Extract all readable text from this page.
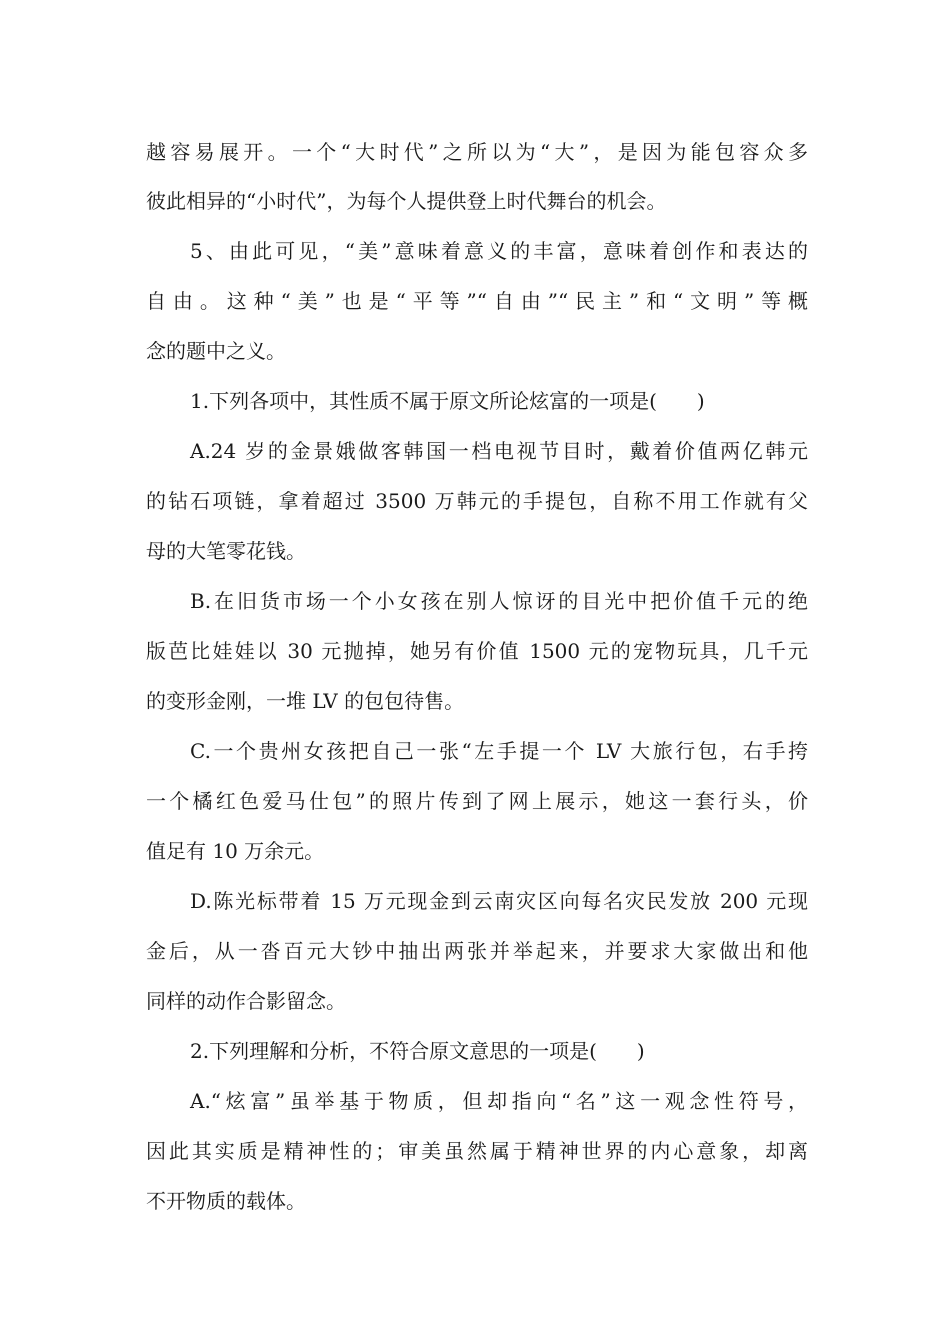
越容易展开。一个“大时代”之所以为“大”，是因为能包容众多
彼此相异的“小时代”，为每个人提供登上时代舞台的机会。
5、由此可见，“美”意味着意义的丰富，意味着创作和表达的
自由。这种“美”也是“平等”“自由”“民主”和“文明”等概
念的题中之义。
1.下列各项中，其性质不属于原文所论炫富的一项是(　　)
A.24 岁的金景娥做客韩国一档电视节目时，戴着价值两亿韩元
的钻石项链，拿着超过 3500 万韩元的手提包，自称不用工作就有父
母的大笔零花钱。
B.在旧货市场一个小女孩在别人惊讶的目光中把价值千元的绝
版芭比娃娃以 30 元抛掉，她另有价值 1500 元的宠物玩具，几千元
的变形金刚，一堆 LV 的包包待售。
C.一个贵州女孩把自己一张“左手提一个 LV 大旅行包，右手挎
一个橘红色爱马仕包”的照片传到了网上展示，她这一套行头，价
值足有 10 万余元。
D.陈光标带着 15 万元现金到云南灾区向每名灾民发放 200 元现
金后，从一沓百元大钞中抽出两张并举起来，并要求大家做出和他
同样的动作合影留念。
2.下列理解和分析，不符合原文意思的一项是(　　)
A.“炫富”虽举基于物质，但却指向“名”这一观念性符号，
因此其实质是精神性的；审美虽然属于精神世界的内心意象，却离
不开物质的载体。
